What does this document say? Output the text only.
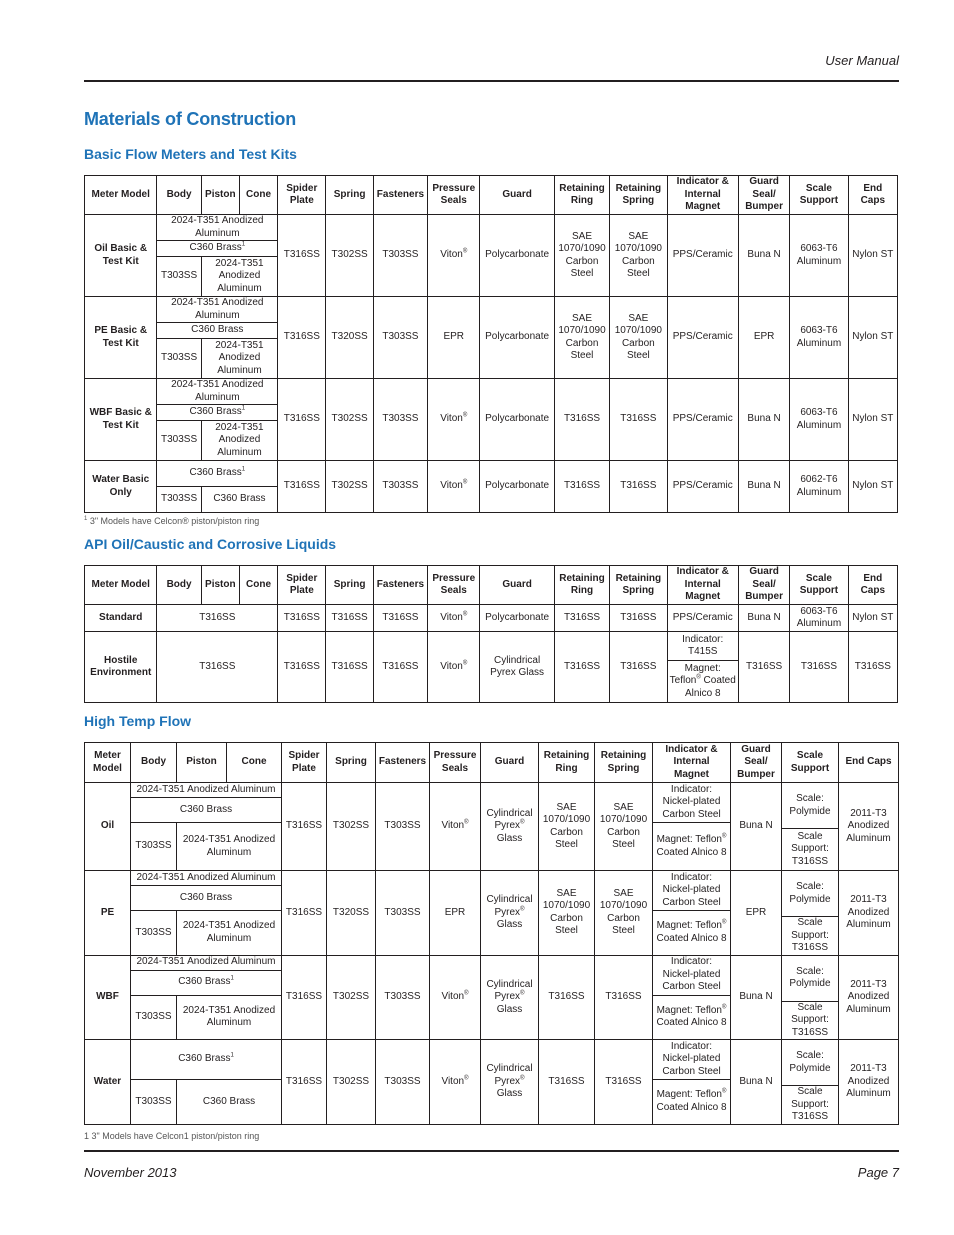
User Manual
Materials of Construction
Basic Flow Meters and Test Kits
Meter Model	Body	Piston	Cone	Spider Plate	Spring	Fasteners	Pressure Seals	Guard	Retaining Ring	Retaining Spring	Indicator & Internal Magnet	Guard Seal/ Bumper	Scale Support	End Caps
Oil Basic & Test Kit	2024-T351 Anodized Aluminum			T316SS	T302SS	T303SS	Viton®	Polycarbonate	SAE 1070/1090 Carbon Steel	SAE 1070/1090 Carbon Steel	PPS/Ceramic	Buna N	6063-T6 Aluminum	Nylon ST
	C360 Brass$^1$
	T303SS	2024-T351 Anodized Aluminum												
PE Basic & Test Kit	2024-T351 Anodized Aluminum			T316SS	T320SS	T303SS	EPR	Polycarbonate	SAE 1070/1090 Carbon Steel	SAE 1070/1090 Carbon Steel	PPS/Ceramic	EPR	6063-T6 Aluminum	Nylon ST
	C360 Brass													
	T303SS	2024-T351 Anodized Aluminum												
WBF Basic & Test Kit	2024-T351 Anodized Aluminum			T316SS	T302SS	T303SS	Viton®	Polycarbonate	T316SS	T316SS	PPS/Ceramic	Buna N	6063-T6 Aluminum	Nylon ST
	C360 Brass$^1$
	T303SS	2024-T351 Anodized Aluminum												
Water Basic Only	C360 Brass$^1$			T316SS	T302SS	T303SS	Viton®	Polycarbonate	T316SS	T316SS	PPS/Ceramic	Buna N	6062-T6 Aluminum	Nylon ST
	T303SS	C360 Brass												
$^1$ 3" Models have Celcon® piston/piston ring
API Oil/Caustic and Corrosive Liquids
Meter Model	Body	Piston	Cone	Spider Plate	Spring	Fasteners	Pressure Seals	Guard	Retaining Ring	Retaining Spring	Indicator & Internal Magnet	Guard Seal/ Bumper	Scale Support	End Caps
Standard	T316SS			T316SS	T316SS	T316SS	Viton®	Polycarbonate	T316SS	T316SS	PPS/Ceramic	Buna N	6063-T6 Aluminum	Nylon ST
Hostile Environment	T316SS			T316SS	T316SS	T316SS	Viton®	Cylindrical Pyrex Glass	T316SS	T316SS	Indicator: T415S	T316SS	T316SS	T316SS
											Magnet: Teflon® Coated Alnico 8			
High Temp Flow
Meter Model	Body	Piston	Cone	Spider Plate	Spring	Fasteners	Pressure Seals	Guard	Retaining Ring	Retaining Spring	Indicator & Internal Magnet	Guard Seal/ Bumper	Scale Support	End Caps
Oil	2024-T351 Anodized Aluminum			T316SS	T302SS	T303SS	Viton®	Cylindrical Pyrex® Glass	SAE 1070/1090 Carbon Steel	SAE 1070/1090 Carbon Steel	Indicator: Nickel-plated Carbon Steel	Buna N	Scale: Polymide	2011-T3 Anodized Aluminum
	C360 Brass													
	T303SS	2024-T351 Anodized Aluminum									Magnet: Teflon® Coated Alnico 8			
													Scale Support: T316SS	
PE	2024-T351 Anodized Aluminum			T316SS	T320SS	T303SS	EPR	Cylindrical Pyrex® Glass	SAE 1070/1090 Carbon Steel	SAE 1070/1090 Carbon Steel	Indicator: Nickel-plated Carbon Steel	EPR	Scale: Polymide	2011-T3 Anodized Aluminum
	C360 Brass													
	T303SS	2024-T351 Anodized Aluminum									Magnet: Teflon® Coated Alnico 8			
													Scale Support: T316SS	
WBF	2024-T351 Anodized Aluminum			T316SS	T302SS	T303SS	Viton®	Cylindrical Pyrex® Glass	T316SS	T316SS	Indicator: Nickel-plated Carbon Steel	Buna N	Scale: Polymide	2011-T3 Anodized Aluminum
	C360 Brass$^1$
	T303SS	2024-T351 Anodized Aluminum									Magnet: Teflon® Coated Alnico 8			
													Scale Support: T316SS	
Water	C360 Brass$^1$			T316SS	T302SS	T303SS	Viton®	Cylindrical Pyrex® Glass	T316SS	T316SS	Indicator: Nickel-plated Carbon Steel	Buna N	Scale: Polymide	2011-T3 Anodized Aluminum
	T303SS	C360 Brass									Magent: Teflon® Coated Alnico 8			
													Scale Support: T316SS	
1 3" Models have Celcon1 piston/piston ring
November 2013	Page 7
